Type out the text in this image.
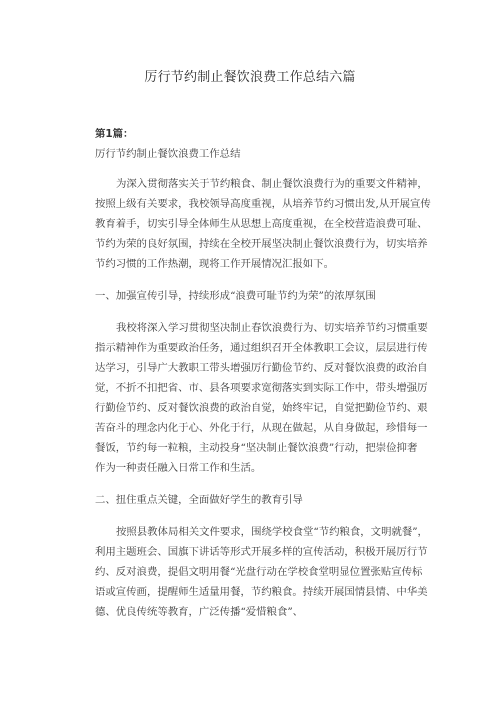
厉行节约制止餐饮浪费工作总结六篇
第1篇：
厉行节约制止餐饮浪费工作总结
为深入贯彻落实关于节约粮食、制止餐饮浪费行为的重要文件精神，
按照上级有关要求，我校领导高度重视，从培养节约习惯出发,从开展宣传
教育着手，切实引导全体师生从思想上高度重视，在全校营造浪费可耻、
节约为荣的良好氛围，持续在全校开展坚决制止餐饮浪费行为，切实培养
节约习惯的工作热潮，现将工作开展情况汇报如下。
一、加强宣传引导，持续形成“浪费可耻节约为荣”的浓厚氛围
我校将深入学习贯彻坚决制止春饮浪费行为、切实培养节约习惯重要
指示精神作为重要政治任务，通过组织召开全体教职工会议，层层进行传
达学习，引导广大教职工带头增强厉行勤俭节约、反对餐饮浪费的政治自
觉，不折不扣把省、市、县各项要求宽彻落实到实际工作中，带头增强厉
行勤俭节约、反对餐饮浪费的政治自觉，始终牢记，自觉把勤俭节约、艰
苦奋斗的理念内化于心、外化于行，从现在做起，从自身做起，珍惜每一
餐饭，节约每一粒粮，主动投身“坚决制止餐饮浪费”行动，把崇俭抑奢
作为一种责任融入日常工作和生活。
二、扭住重点关键，全面做好学生的教育引导
按照县教体局相关文件要求，围绕学校食堂“节约粮食，文明就餐”，
利用主题班会、国旗下讲话等形式开展多样的宣传活动，积极开展厉行节
约、反对浪费，提倡文明用餐“光盘行动在学校食堂明显位置张贴宣传标
语或宣传画，提醒师生适量用餐，节约粮食。持续开展国情县情、中华美
德、优良传统等教育，广泛传播“爱惜粮食”、
